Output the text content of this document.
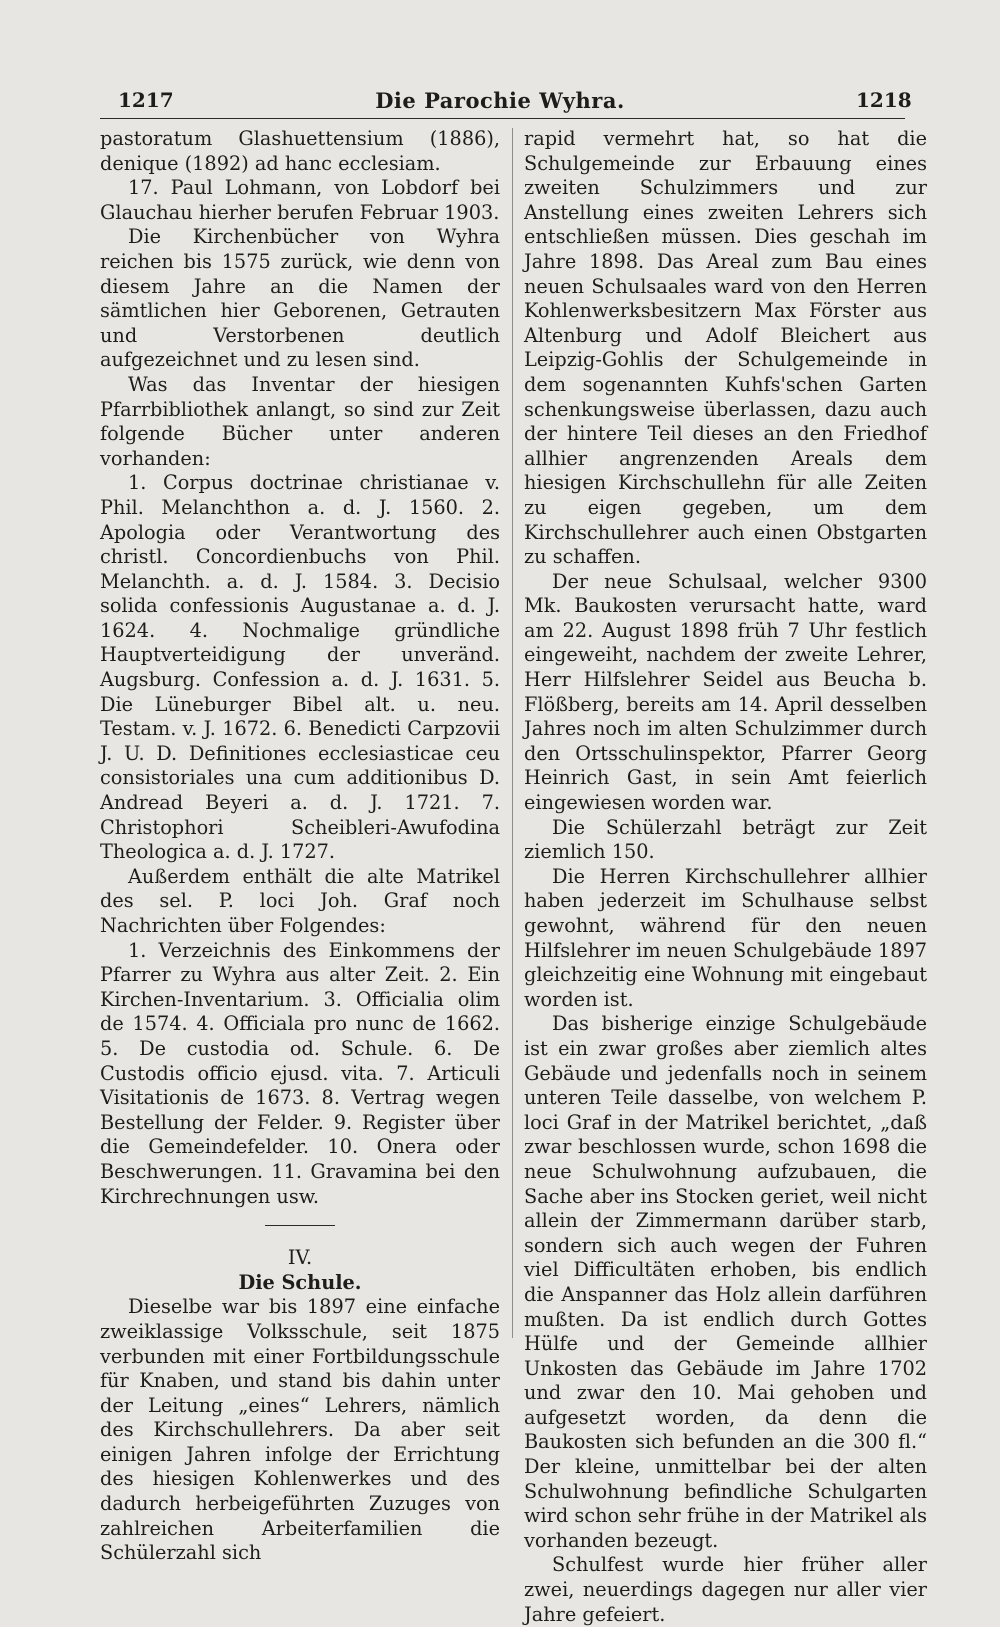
1217	Die Parochie Wyhra.	1218

pastoratum Glashuettensium (1886), denique (1892) ad hanc ecclesiam.

17. Paul Lohmann, von Lobdorf bei Glauchau hierher berufen Februar 1903.

Die Kirchenbücher von Wyhra reichen bis 1575 zurück, wie denn von diesem Jahre an die Namen der sämtlichen hier Geborenen, Getrauten und Verstorbenen deutlich aufgezeichnet und zu lesen sind.

Was das Inventar der hiesigen Pfarrbibliothek anlangt, so sind zur Zeit folgende Bücher unter anderen vorhanden:

1. Corpus doctrinae christianae v. Phil. Melanchthon a. d. J. 1560. 2. Apologia oder Verantwortung des christl. Concordienbuchs von Phil. Melanchth. a. d. J. 1584. 3. Decisio solida confessionis Augustanae a. d. J. 1624. 4. Nochmalige gründliche Hauptverteidigung der unveränd. Augsburg. Confession a. d. J. 1631. 5. Die Lüneburger Bibel alt. u. neu. Testam. v. J. 1672. 6. Benedicti Carpzovii J. U. D. Definitiones ecclesiasticae ceu consistoriales una cum additionibus D. Andread Beyeri a. d. J. 1721. 7. Christophori Scheibleri-Awufodina Theologica a. d. J. 1727.

Außerdem enthält die alte Matrikel des sel. P. loci Joh. Graf noch Nachrichten über Folgendes:

1. Verzeichnis des Einkommens der Pfarrer zu Wyhra aus alter Zeit. 2. Ein Kirchen-Inventarium. 3. Officialia olim de 1574. 4. Officiala pro nunc de 1662. 5. De custodia od. Schule. 6. De Custodis officio ejusd. vita. 7. Articuli Visitationis de 1673. 8. Vertrag wegen Bestellung der Felder. 9. Register über die Gemeindefelder. 10. Onera oder Beschwerungen. 11. Gravamina bei den Kirchrechnungen usw.

IV.

Die Schule.

Dieselbe war bis 1897 eine einfache zweiklassige Volksschule, seit 1875 verbunden mit einer Fortbildungsschule für Knaben, und stand bis dahin unter der Leitung „eines“ Lehrers, nämlich des Kirchschullehrers. Da aber seit einigen Jahren infolge der Errichtung des hiesigen Kohlenwerkes und des dadurch herbeigeführten Zuzuges von zahlreichen Arbeiterfamilien die Schülerzahl sich

rapid vermehrt hat, so hat die Schulgemeinde zur Erbauung eines zweiten Schulzimmers und zur Anstellung eines zweiten Lehrers sich entschließen müssen. Dies geschah im Jahre 1898. Das Areal zum Bau eines neuen Schulsaales ward von den Herren Kohlenwerksbesitzern Max Förster aus Altenburg und Adolf Bleichert aus Leipzig-Gohlis der Schulgemeinde in dem sogenannten Kuhfs'schen Garten schenkungsweise überlassen, dazu auch der hintere Teil dieses an den Friedhof allhier angrenzenden Areals dem hiesigen Kirchschullehn für alle Zeiten zu eigen gegeben, um dem Kirchschullehrer auch einen Obstgarten zu schaffen.

Der neue Schulsaal, welcher 9300 Mk. Baukosten verursacht hatte, ward am 22. August 1898 früh 7 Uhr festlich eingeweiht, nachdem der zweite Lehrer, Herr Hilfslehrer Seidel aus Beucha b. Flößberg, bereits am 14. April desselben Jahres noch im alten Schulzimmer durch den Ortsschulinspektor, Pfarrer Georg Heinrich Gast, in sein Amt feierlich eingewiesen worden war.

Die Schülerzahl beträgt zur Zeit ziemlich 150.

Die Herren Kirchschullehrer allhier haben jederzeit im Schulhause selbst gewohnt, während für den neuen Hilfslehrer im neuen Schulgebäude 1897 gleichzeitig eine Wohnung mit eingebaut worden ist.

Das bisherige einzige Schulgebäude ist ein zwar großes aber ziemlich altes Gebäude und jedenfalls noch in seinem unteren Teile dasselbe, von welchem P. loci Graf in der Matrikel berichtet, „daß zwar beschlossen wurde, schon 1698 die neue Schulwohnung aufzubauen, die Sache aber ins Stocken geriet, weil nicht allein der Zimmermann darüber starb, sondern sich auch wegen der Fuhren viel Difficultäten erhoben, bis endlich die Anspanner das Holz allein darführen mußten. Da ist endlich durch Gottes Hülfe und der Gemeinde allhier Unkosten das Gebäude im Jahre 1702 und zwar den 10. Mai gehoben und aufgesetzt worden, da denn die Baukosten sich befunden an die 300 fl.“ Der kleine, unmittelbar bei der alten Schulwohnung befindliche Schulgarten wird schon sehr frühe in der Matrikel als vorhanden bezeugt.

Schulfest wurde hier früher aller zwei, neuerdings dagegen nur aller vier Jahre gefeiert.
